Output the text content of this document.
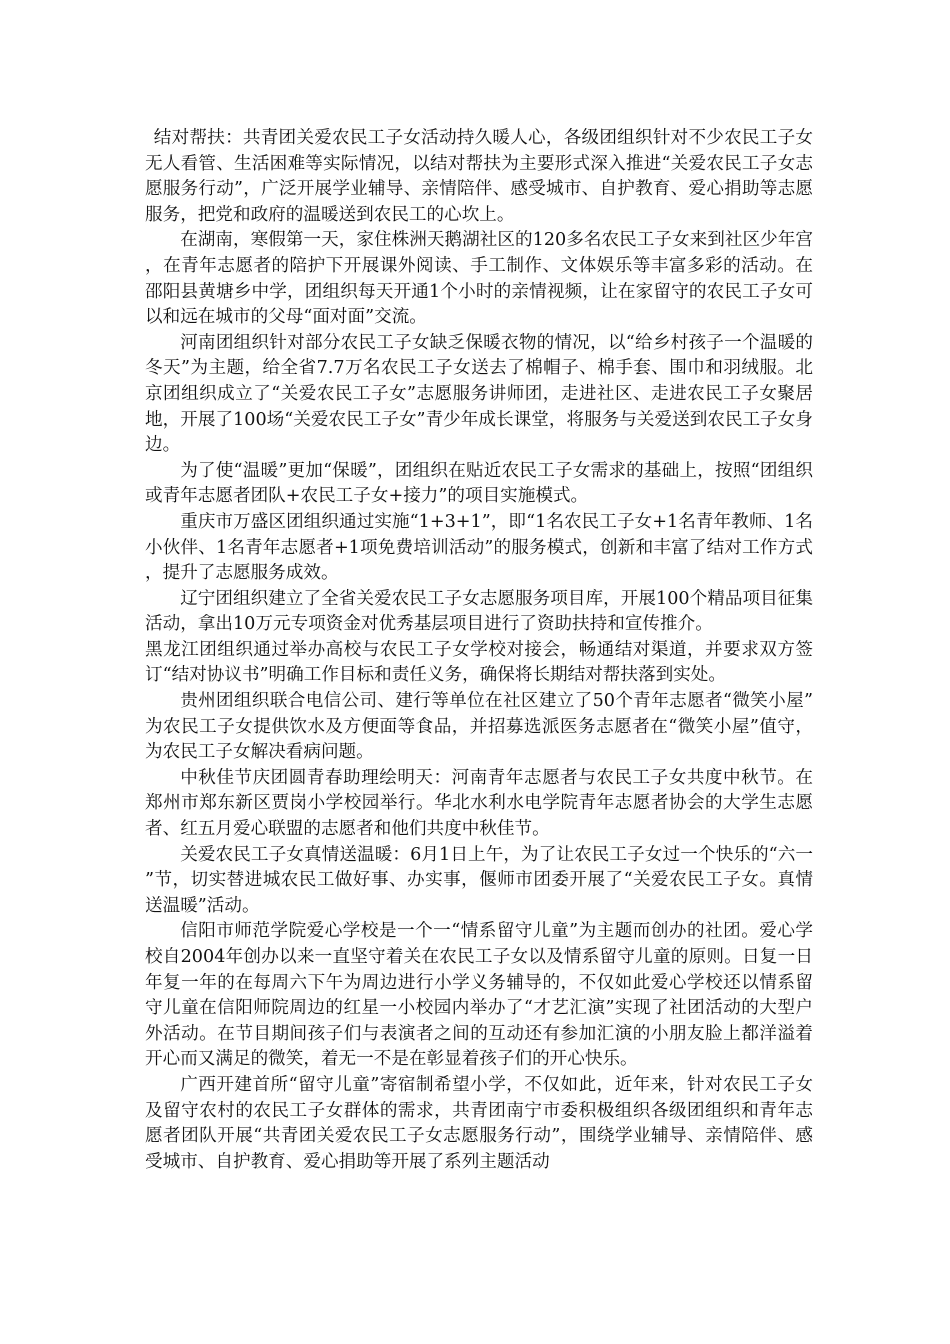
结对帮扶：共青团关爱农民工子女活动持久暖人心，各级团组织针对不少农民工子女无人看管、生活困难等实际情况，以结对帮扶为主要形式深入推进“关爱农民工子女志愿服务行动”，广泛开展学业辅导、亲情陪伴、感受城市、自护教育、爱心捐助等志愿服务，把党和政府的温暖送到农民工的心坎上。

在湖南，寒假第一天，家住株洲天鹅湖社区的120多名农民工子女来到社区少年宫，在青年志愿者的陪护下开展课外阅读、手工制作、文体娱乐等丰富多彩的活动。在邵阳县黄塘乡中学，团组织每天开通1个小时的亲情视频，让在家留守的农民工子女可以和远在城市的父母“面对面”交流。

河南团组织针对部分农民工子女缺乏保暖衣物的情况，以“给乡村孩子一个温暖的冬天”为主题，给全省7.7万名农民工子女送去了棉帽子、棉手套、围巾和羽绒服。北京团组织成立了“关爱农民工子女”志愿服务讲师团，走进社区、走进农民工子女聚居地，开展了100场“关爱农民工子女”青少年成长课堂，将服务与关爱送到农民工子女身边。

为了使“温暖”更加“保暖”，团组织在贴近农民工子女需求的基础上，按照“团组织或青年志愿者团队+农民工子女+接力”的项目实施模式。

重庆市万盛区团组织通过实施“1+3+1”，即“1名农民工子女+1名青年教师、1名小伙伴、1名青年志愿者+1项免费培训活动”的服务模式，创新和丰富了结对工作方式，提升了志愿服务成效。

辽宁团组织建立了全省关爱农民工子女志愿服务项目库，开展100个精品项目征集活动，拿出10万元专项资金对优秀基层项目进行了资助扶持和宣传推介。

黑龙江团组织通过举办高校与农民工子女学校对接会，畅通结对渠道，并要求双方签订“结对协议书”明确工作目标和责任义务，确保将长期结对帮扶落到实处。

贵州团组织联合电信公司、建行等单位在社区建立了50个青年志愿者“微笑小屋”为农民工子女提供饮水及方便面等食品，并招募选派医务志愿者在“微笑小屋”值守，为农民工子女解决看病问题。

中秋佳节庆团圆青春助理绘明天：河南青年志愿者与农民工子女共度中秋节。在郑州市郑东新区贾岗小学校园举行。华北水利水电学院青年志愿者协会的大学生志愿者、红五月爱心联盟的志愿者和他们共度中秋佳节。

关爱农民工子女真情送温暖：6月1日上午，为了让农民工子女过一个快乐的“六一”节，切实替进城农民工做好事、办实事，偃师市团委开展了“关爱农民工子女。真情送温暖”活动。

信阳市师范学院爱心学校是一个一“情系留守儿童”为主题而创办的社团。爱心学校自2004年创办以来一直坚守着关在农民工子女以及情系留守儿童的原则。日复一日年复一年的在每周六下午为周边进行小学义务辅导的，不仅如此爱心学校还以情系留守儿童在信阳师院周边的红星一小校园内举办了“才艺汇演”实现了社团活动的大型户外活动。在节目期间孩子们与表演者之间的互动还有参加汇演的小朋友脸上都洋溢着开心而又满足的微笑，着无一不是在彰显着孩子们的开心快乐。

广西开建首所“留守儿童”寄宿制希望小学，不仅如此，近年来，针对农民工子女及留守农村的农民工子女群体的需求，共青团南宁市委积极组织各级团组织和青年志愿者团队开展“共青团关爱农民工子女志愿服务行动”，围绕学业辅导、亲情陪伴、感受城市、自护教育、爱心捐助等开展了系列主题活动
